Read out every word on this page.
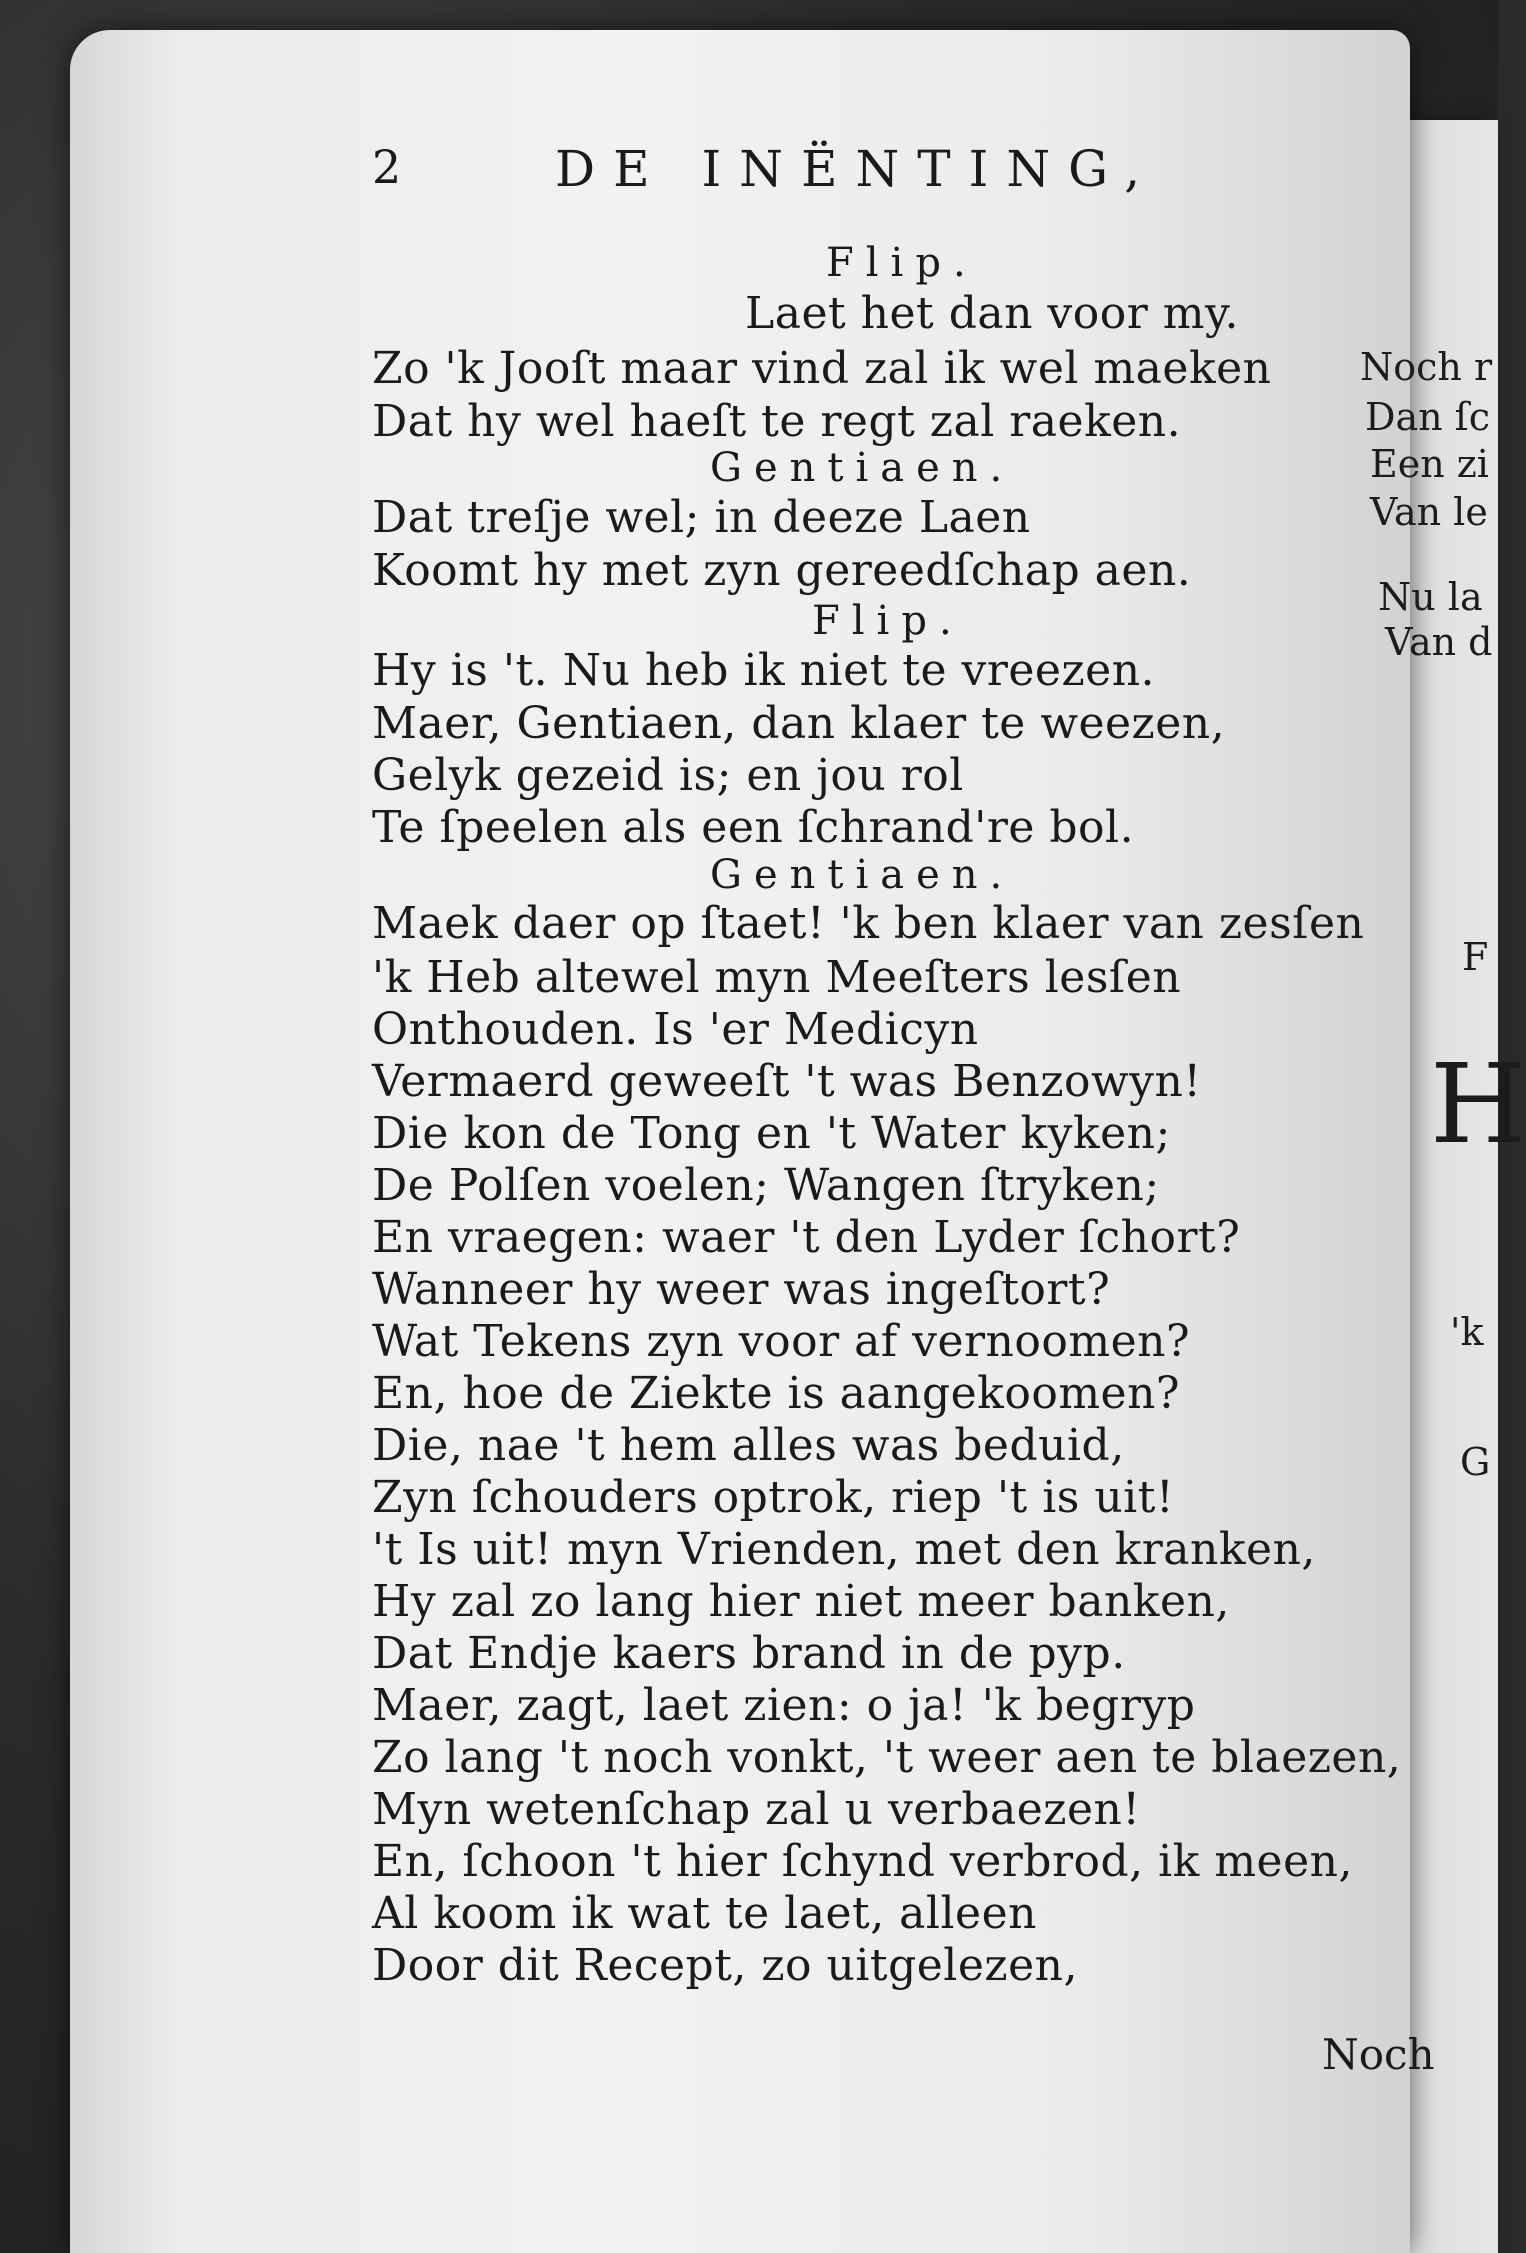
2	DE INËNTING,
Flip.
Laet het dan voor my.
Zo 'k Jooſt maar vind zal ik wel maeken
Dat hy wel haeſt te regt zal raeken.
Gentiaen.
Dat treſje wel; in deeze Laen
Koomt hy met zyn gereedſchap aen.
Flip.
Hy is 't. Nu heb ik niet te vreezen.
Maer, Gentiaen, dan klaer te weezen,
Gelyk gezeid is; en jou rol
Te ſpeelen als een ſchrand're bol.
Gentiaen.
Maek daer op ſtaet! 'k ben klaer van zesſen
'k Heb altewel myn Meeſters lesſen
Onthouden. Is 'er Medicyn
Vermaerd geweeſt 't was Benzowyn!
Die kon de Tong en 't Water kyken;
De Polſen voelen; Wangen ſtryken;
En vraegen: waer 't den Lyder ſchort?
Wanneer hy weer was ingeſtort?
Wat Tekens zyn voor af vernoomen?
En, hoe de Ziekte is aangekoomen?
Die, nae 't hem alles was beduid,
Zyn ſchouders optrok, riep 't is uit!
't Is uit! myn Vrienden, met den kranken,
Hy zal zo lang hier niet meer banken,
Dat Endje kaers brand in de pyp.
Maer, zagt, laet zien: o ja! 'k begryp
Zo lang 't noch vonkt, 't weer aen te blaezen,
Myn wetenſchap zal u verbaezen!
En, ſchoon 't hier ſchynd verbrod, ik meen,
Al koom ik wat te laet, alleen
Door dit Recept, zo uitgelezen,
Noch
Noch r
Dan ſc
Een zi
Van le
Nu la
Van d
F
H
'k
G
